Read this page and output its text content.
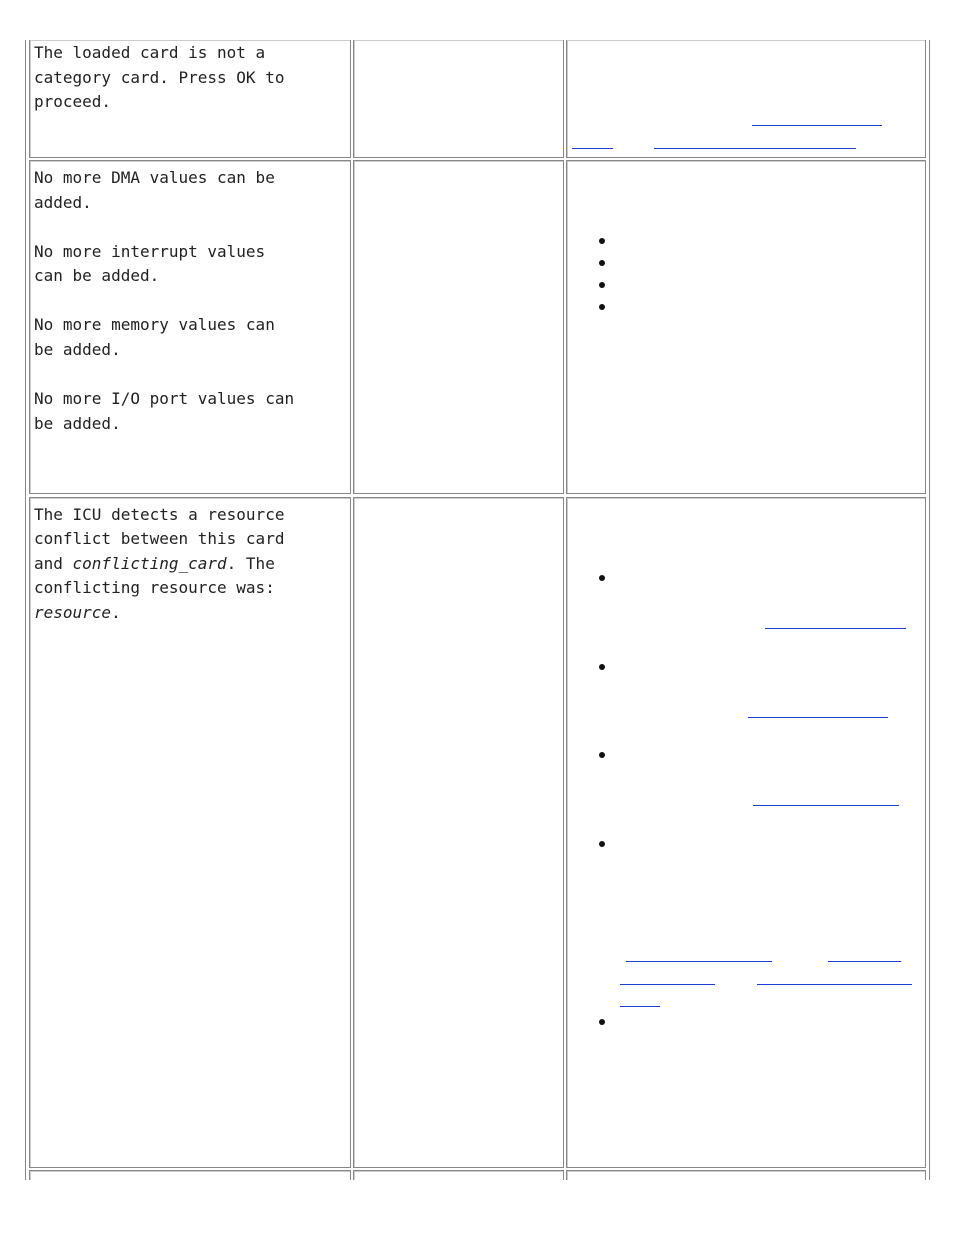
The loaded card is not a

category card. Press OK to

proceed.

No more DMA values can be

added.

No more interrupt values

can be added.

No more memory values can

be added.

No more I/O port values can

be added.

The ICU detects a resource

conflict between this card

and conflicting_card. The

conflicting resource was:

resource.
